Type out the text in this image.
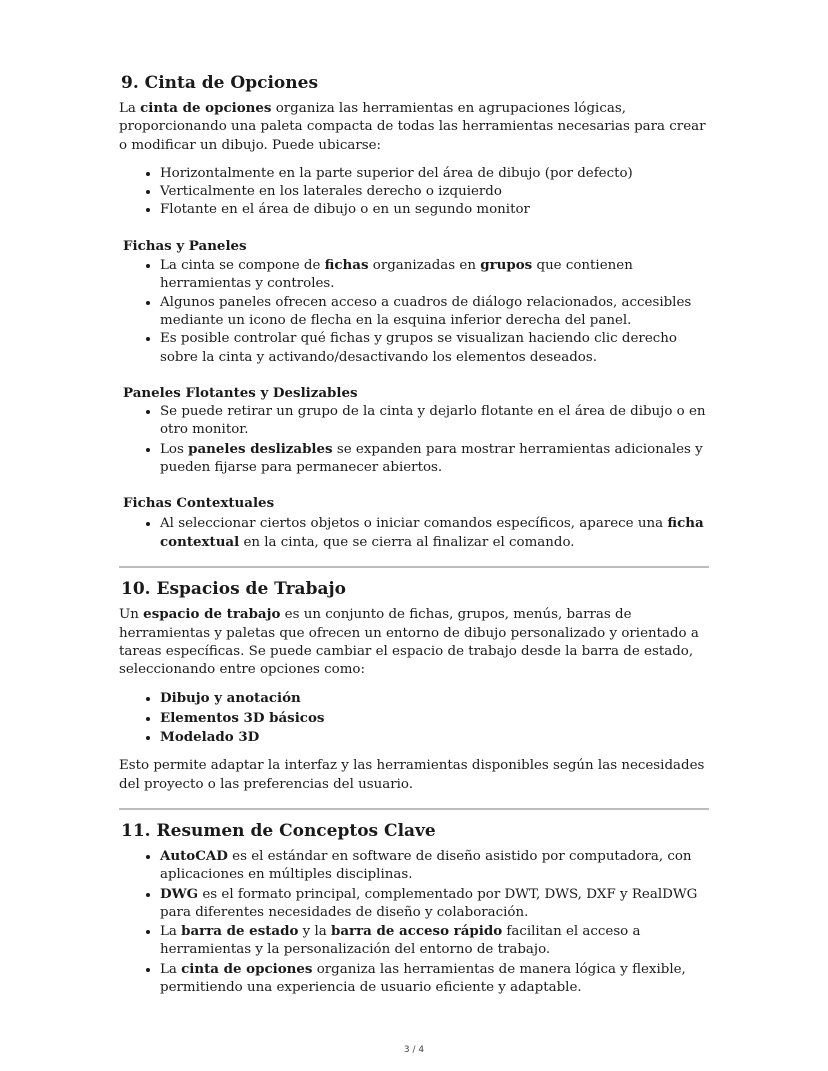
9. Cinta de Opciones

La cinta de opciones organiza las herramientas en agrupaciones lógicas, proporcionando una paleta compacta de todas las herramientas necesarias para crear o modificar un dibujo. Puede ubicarse:

• Horizontalmente en la parte superior del área de dibujo (por defecto)
• Verticalmente en los laterales derecho o izquierdo
• Flotante en el área de dibujo o en un segundo monitor
Fichas y Paneles
• La cinta se compone de fichas organizadas en grupos que contienen herramientas y controles.
• Algunos paneles ofrecen acceso a cuadros de diálogo relacionados, accesibles mediante un icono de flecha en la esquina inferior derecha del panel.
• Es posible controlar qué fichas y grupos se visualizan haciendo clic derecho sobre la cinta y activando/desactivando los elementos deseados.
Paneles Flotantes y Deslizables
• Se puede retirar un grupo de la cinta y dejarlo flotante en el área de dibujo o en otro monitor.
• Los paneles deslizables se expanden para mostrar herramientas adicionales y pueden fijarse para permanecer abiertos.
Fichas Contextuales
• Al seleccionar ciertos objetos o iniciar comandos específicos, aparece una ficha contextual en la cinta, que se cierra al finalizar el comando.
10. Espacios de Trabajo

Un espacio de trabajo es un conjunto de fichas, grupos, menús, barras de herramientas y paletas que ofrecen un entorno de dibujo personalizado y orientado a tareas específicas. Se puede cambiar el espacio de trabajo desde la barra de estado, seleccionando entre opciones como:

• Dibujo y anotación
• Elementos 3D básicos
• Modelado 3D

Esto permite adaptar la interfaz y las herramientas disponibles según las necesidades del proyecto o las preferencias del usuario.

11. Resumen de Conceptos Clave
• AutoCAD es el estándar en software de diseño asistido por computadora, con aplicaciones en múltiples disciplinas.
• DWG es el formato principal, complementado por DWT, DWS, DXF y RealDWG para diferentes necesidades de diseño y colaboración.
• La barra de estado y la barra de acceso rápido facilitan el acceso a herramientas y la personalización del entorno de trabajo.
• La cinta de opciones organiza las herramientas de manera lógica y flexible, permitiendo una experiencia de usuario eficiente y adaptable.
3 / 4
